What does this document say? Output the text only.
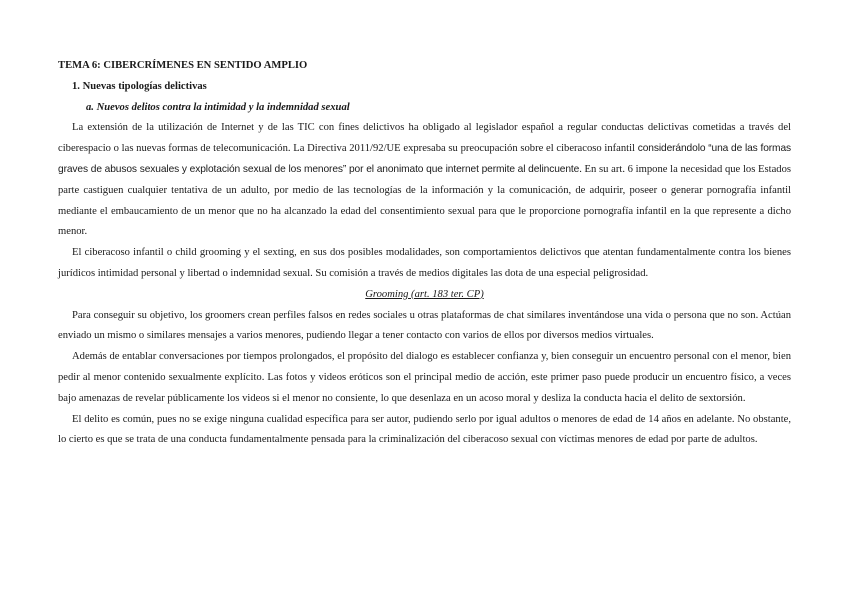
TEMA 6: CIBERCRÍMENES EN SENTIDO AMPLIO
1. Nuevas tipologías delictivas
a. Nuevos delitos contra la intimidad y la indemnidad sexual

La extensión de la utilización de Internet y de las TIC con fines delictivos ha obligado al legislador español a regular conductas delictivas cometidas a través del ciberespacio o las nuevas formas de telecomunicación. La Directiva 2011/92/UE expresaba su preocupación sobre el ciberacoso infantil considerándolo “una de las formas graves de abusos sexuales y explotación sexual de los menores” por el anonimato que internet permite al delincuente. En su art. 6 impone la necesidad que los Estados parte castiguen cualquier tentativa de un adulto, por medio de las tecnologías de la información y la comunicación, de adquirir, poseer o generar pornografía infantil mediante el embaucamiento de un menor que no ha alcanzado la edad del consentimiento sexual para que le proporcione pornografía infantil en la que represente a dicho menor.

El ciberacoso infantil o child grooming y el sexting, en sus dos posibles modalidades, son comportamientos delictivos que atentan fundamentalmente contra los bienes jurídicos intimidad personal y libertad o indemnidad sexual. Su comisión a través de medios digitales las dota de una especial peligrosidad.

Grooming (art. 183 ter. CP)

Para conseguir su objetivo, los groomers crean perfiles falsos en redes sociales u otras plataformas de chat similares inventándose una vida o persona que no son. Actúan enviado un mismo o similares mensajes a varios menores, pudiendo llegar a tener contacto con varios de ellos por diversos medios virtuales.

Además de entablar conversaciones por tiempos prolongados, el propósito del dialogo es establecer confianza y, bien conseguir un encuentro personal con el menor, bien pedir al menor contenido sexualmente explícito. Las fotos y videos eróticos son el principal medio de acción, este primer paso puede producir un encuentro físico, a veces bajo amenazas de revelar públicamente los videos si el menor no consiente, lo que desenlaza en un acoso moral y desliza la conducta hacia el delito de sextorsión.

El delito es común, pues no se exige ninguna cualidad específica para ser autor, pudiendo serlo por igual adultos o menores de edad de 14 años en adelante. No obstante, lo cierto es que se trata de una conducta fundamentalmente pensada para la criminalización del ciberacoso sexual con víctimas menores de edad por parte de adultos.
